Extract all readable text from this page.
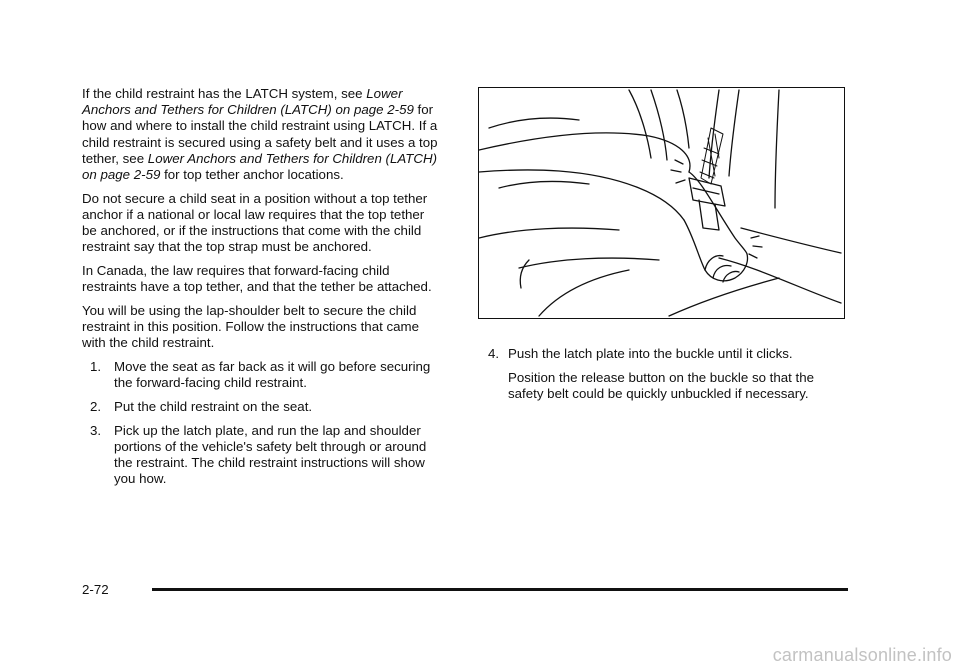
If the child restraint has the LATCH system, see Lower Anchors and Tethers for Children (LATCH) on page 2-59 for how and where to install the child restraint using LATCH. If a child restraint is secured using a safety belt and it uses a top tether, see Lower Anchors and Tethers for Children (LATCH) on page 2-59 for top tether anchor locations.

Do not secure a child seat in a position without a top tether anchor if a national or local law requires that the top tether be anchored, or if the instructions that come with the child restraint say that the top strap must be anchored.

In Canada, the law requires that forward-facing child restraints have a top tether, and that the tether be attached.

You will be using the lap-shoulder belt to secure the child restraint in this position. Follow the instructions that came with the child restraint.

1. Move the seat as far back as it will go before securing the forward-facing child restraint.
2. Put the child restraint on the seat.
3. Pick up the latch plate, and run the lap and shoulder portions of the vehicle's safety belt through or around the restraint. The child restraint instructions will show you how.
4. Push the latch plate into the buckle until it clicks.

Position the release button on the buckle so that the safety belt could be quickly unbuckled if necessary.

2-72
carmanualsonline.info
